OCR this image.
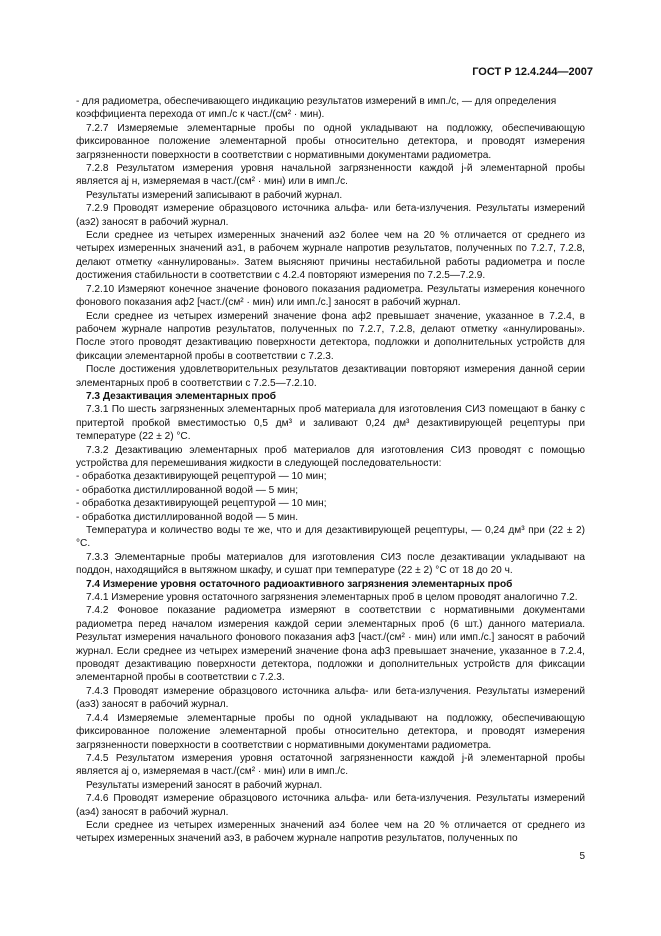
ГОСТ Р 12.4.244—2007

- для радиометра, обеспечивающего индикацию результатов измерений в имп./с, — для определения коэффициента перехода от имп./с к част./(см² · мин).

7.2.7 Измеряемые элементарные пробы по одной укладывают на подложку, обеспечивающую фиксированное положение элементарной пробы относительно детектора, и проводят измерения загрязненности поверхности в соответствии с нормативными документами радиометра.

7.2.8 Результатом измерения уровня начальной загрязненности каждой j-й элементарной пробы является aj н, измеряемая в част./(см² · мин) или в имп./с.

Результаты измерений записывают в рабочий журнал.

7.2.9 Проводят измерение образцового источника альфа- или бета-излучения. Результаты измерений (aэ2) заносят в рабочий журнал.

Если среднее из четырех измеренных значений aэ2 более чем на 20 % отличается от среднего из четырех измеренных значений aэ1, в рабочем журнале напротив результатов, полученных по 7.2.7, 7.2.8, делают отметку «аннулированы». Затем выясняют причины нестабильной работы радиометра и после достижения стабильности в соответствии с 4.2.4 повторяют измерения по 7.2.5—7.2.9.

7.2.10 Измеряют конечное значение фонового показания радиометра. Результаты измерения конечного фонового показания aф2 [част./(см² · мин) или имп./с.] заносят в рабочий журнал.

Если среднее из четырех измерений значение фона aф2 превышает значение, указанное в 7.2.4, в рабочем журнале напротив результатов, полученных по 7.2.7, 7.2.8, делают отметку «аннулированы». После этого проводят дезактивацию поверхности детектора, подложки и дополнительных устройств для фиксации элементарной пробы в соответствии с 7.2.3.

После достижения удовлетворительных результатов дезактивации повторяют измерения данной серии элементарных проб в соответствии с 7.2.5—7.2.10.

7.3 Дезактивация элементарных проб

7.3.1 По шесть загрязненных элементарных проб материала для изготовления СИЗ помещают в банку с притертой пробкой вместимостью 0,5 дм³ и заливают 0,24 дм³ дезактивирующей рецептуры при температуре (22 ± 2) °С.

7.3.2 Дезактивацию элементарных проб материалов для изготовления СИЗ проводят с помощью устройства для перемешивания жидкости в следующей последовательности:

- обработка дезактивирующей рецептурой — 10 мин;

- обработка дистиллированной водой — 5 мин;

- обработка дезактивирующей рецептурой — 10 мин;

- обработка дистиллированной водой — 5 мин.

Температура и количество воды те же, что и для дезактивирующей рецептуры, — 0,24 дм³ при (22 ± 2) °С.

7.3.3 Элементарные пробы материалов для изготовления СИЗ после дезактивации укладывают на поддон, находящийся в вытяжном шкафу, и сушат при температуре (22 ± 2) °С от 18 до 20 ч.

7.4 Измерение уровня остаточного радиоактивного загрязнения элементарных проб

7.4.1 Измерение уровня остаточного загрязнения элементарных проб в целом проводят аналогично 7.2.

7.4.2 Фоновое показание радиометра измеряют в соответствии с нормативными документами радиометра перед началом измерения каждой серии элементарных проб (6 шт.) данного материала. Результат измерения начального фонового показания aф3 [част./(см² · мин) или имп./с.] заносят в рабочий журнал. Если среднее из четырех измерений значение фона aф3 превышает значение, указанное в 7.2.4, проводят дезактивацию поверхности детектора, подложки и дополнительных устройств для фиксации элементарной пробы в соответствии с 7.2.3.

7.4.3 Проводят измерение образцового источника альфа- или бета-излучения. Результаты измерений (aэ3) заносят в рабочий журнал.

7.4.4 Измеряемые элементарные пробы по одной укладывают на подложку, обеспечивающую фиксированное положение элементарной пробы относительно детектора, и проводят измерения загрязненности поверхности в соответствии с нормативными документами радиометра.

7.4.5 Результатом измерения уровня остаточной загрязненности каждой j-й элементарной пробы является aj о, измеряемая в част./(см² · мин) или в имп./с.

Результаты измерений заносят в рабочий журнал.

7.4.6 Проводят измерение образцового источника альфа- или бета-излучения. Результаты измерений (aэ4) заносят в рабочий журнал.

Если среднее из четырех измеренных значений aэ4 более чем на 20 % отличается от среднего из четырех измеренных значений aэ3, в рабочем журнале напротив результатов, полученных по

5
